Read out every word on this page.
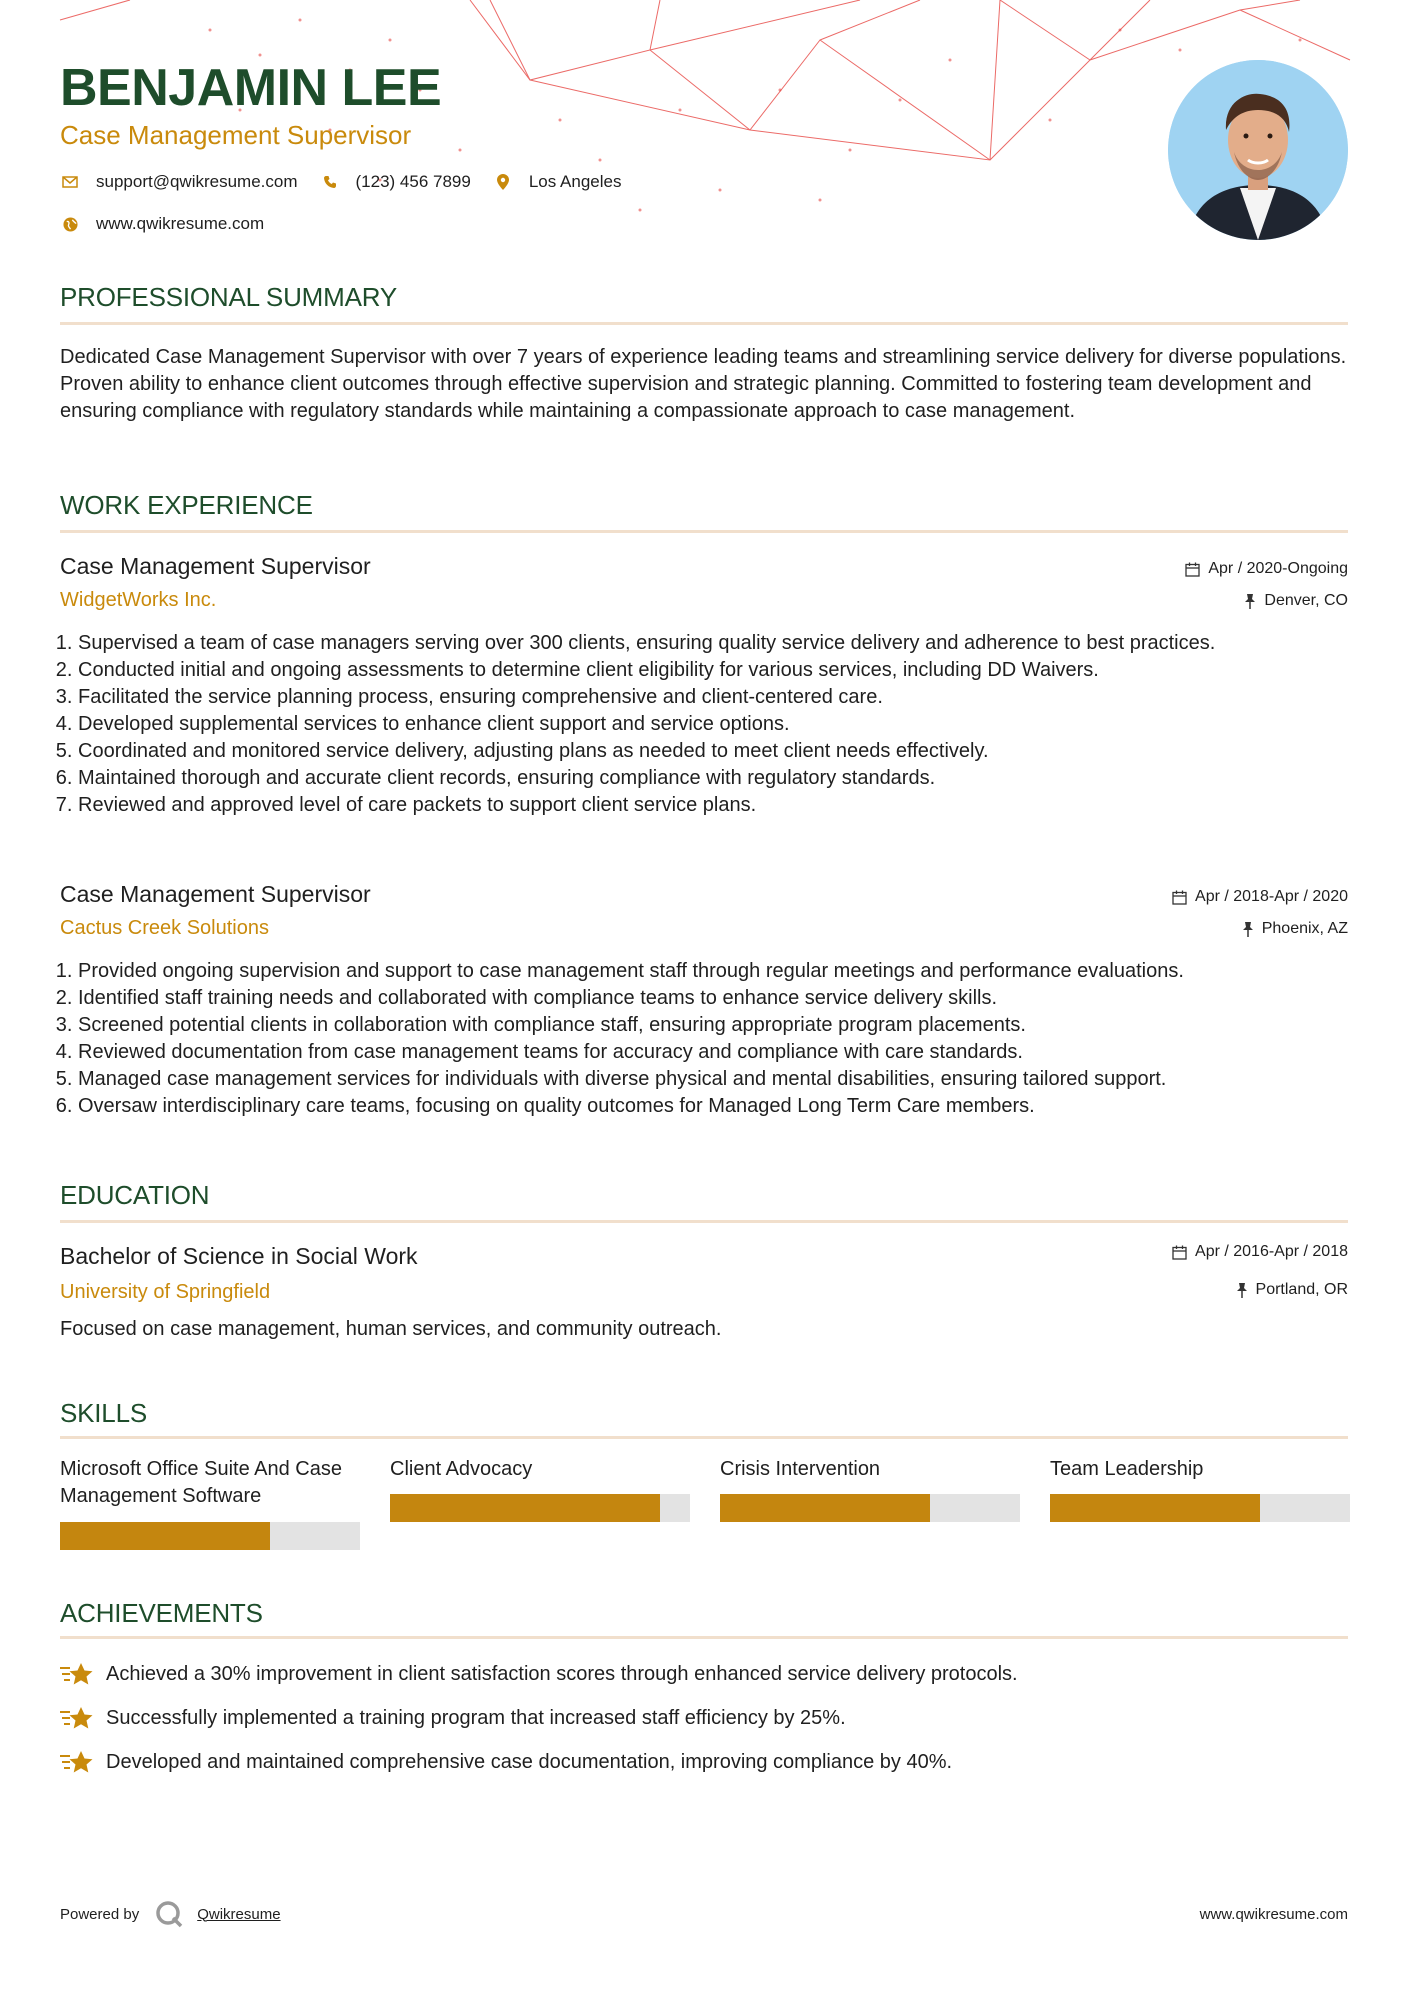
BENJAMIN LEE
Case Management Supervisor
support@qwikresume.com	(123) 456 7899	Los Angeles
www.qwikresume.com
PROFESSIONAL SUMMARY

Dedicated Case Management Supervisor with over 7 years of experience leading teams and streamlining service delivery for diverse populations. Proven ability to enhance client outcomes through effective supervision and strategic planning. Committed to fostering team development and ensuring compliance with regulatory standards while maintaining a compassionate approach to case management.

WORK EXPERIENCE
Case Management Supervisor
WidgetWorks Inc.
Apr / 2020-Ongoing
Denver, CO
1. Supervised a team of case managers serving over 300 clients, ensuring quality service delivery and adherence to best practices.
2. Conducted initial and ongoing assessments to determine client eligibility for various services, including DD Waivers.
3. Facilitated the service planning process, ensuring comprehensive and client-centered care.
4. Developed supplemental services to enhance client support and service options.
5. Coordinated and monitored service delivery, adjusting plans as needed to meet client needs effectively.
6. Maintained thorough and accurate client records, ensuring compliance with regulatory standards.
7. Reviewed and approved level of care packets to support client service plans.
Case Management Supervisor
Cactus Creek Solutions
Apr / 2018-Apr / 2020
Phoenix, AZ
1. Provided ongoing supervision and support to case management staff through regular meetings and performance evaluations.
2. Identified staff training needs and collaborated with compliance teams to enhance service delivery skills.
3. Screened potential clients in collaboration with compliance staff, ensuring appropriate program placements.
4. Reviewed documentation from case management teams for accuracy and compliance with care standards.
5. Managed case management services for individuals with diverse physical and mental disabilities, ensuring tailored support.
6. Oversaw interdisciplinary care teams, focusing on quality outcomes for Managed Long Term Care members.
EDUCATION
Bachelor of Science in Social Work
University of Springfield
Apr / 2016-Apr / 2018
Portland, OR

Focused on case management, human services, and community outreach.

SKILLS
Microsoft Office Suite And Case Management Software
Client Advocacy	Crisis Intervention	Team Leadership
ACHIEVEMENTS
Achieved a 30% improvement in client satisfaction scores through enhanced service delivery protocols.
Successfully implemented a training program that increased staff efficiency by 25%.
Developed and maintained comprehensive case documentation, improving compliance by 40%.
Powered by	Qwikresume	www.qwikresume.com
